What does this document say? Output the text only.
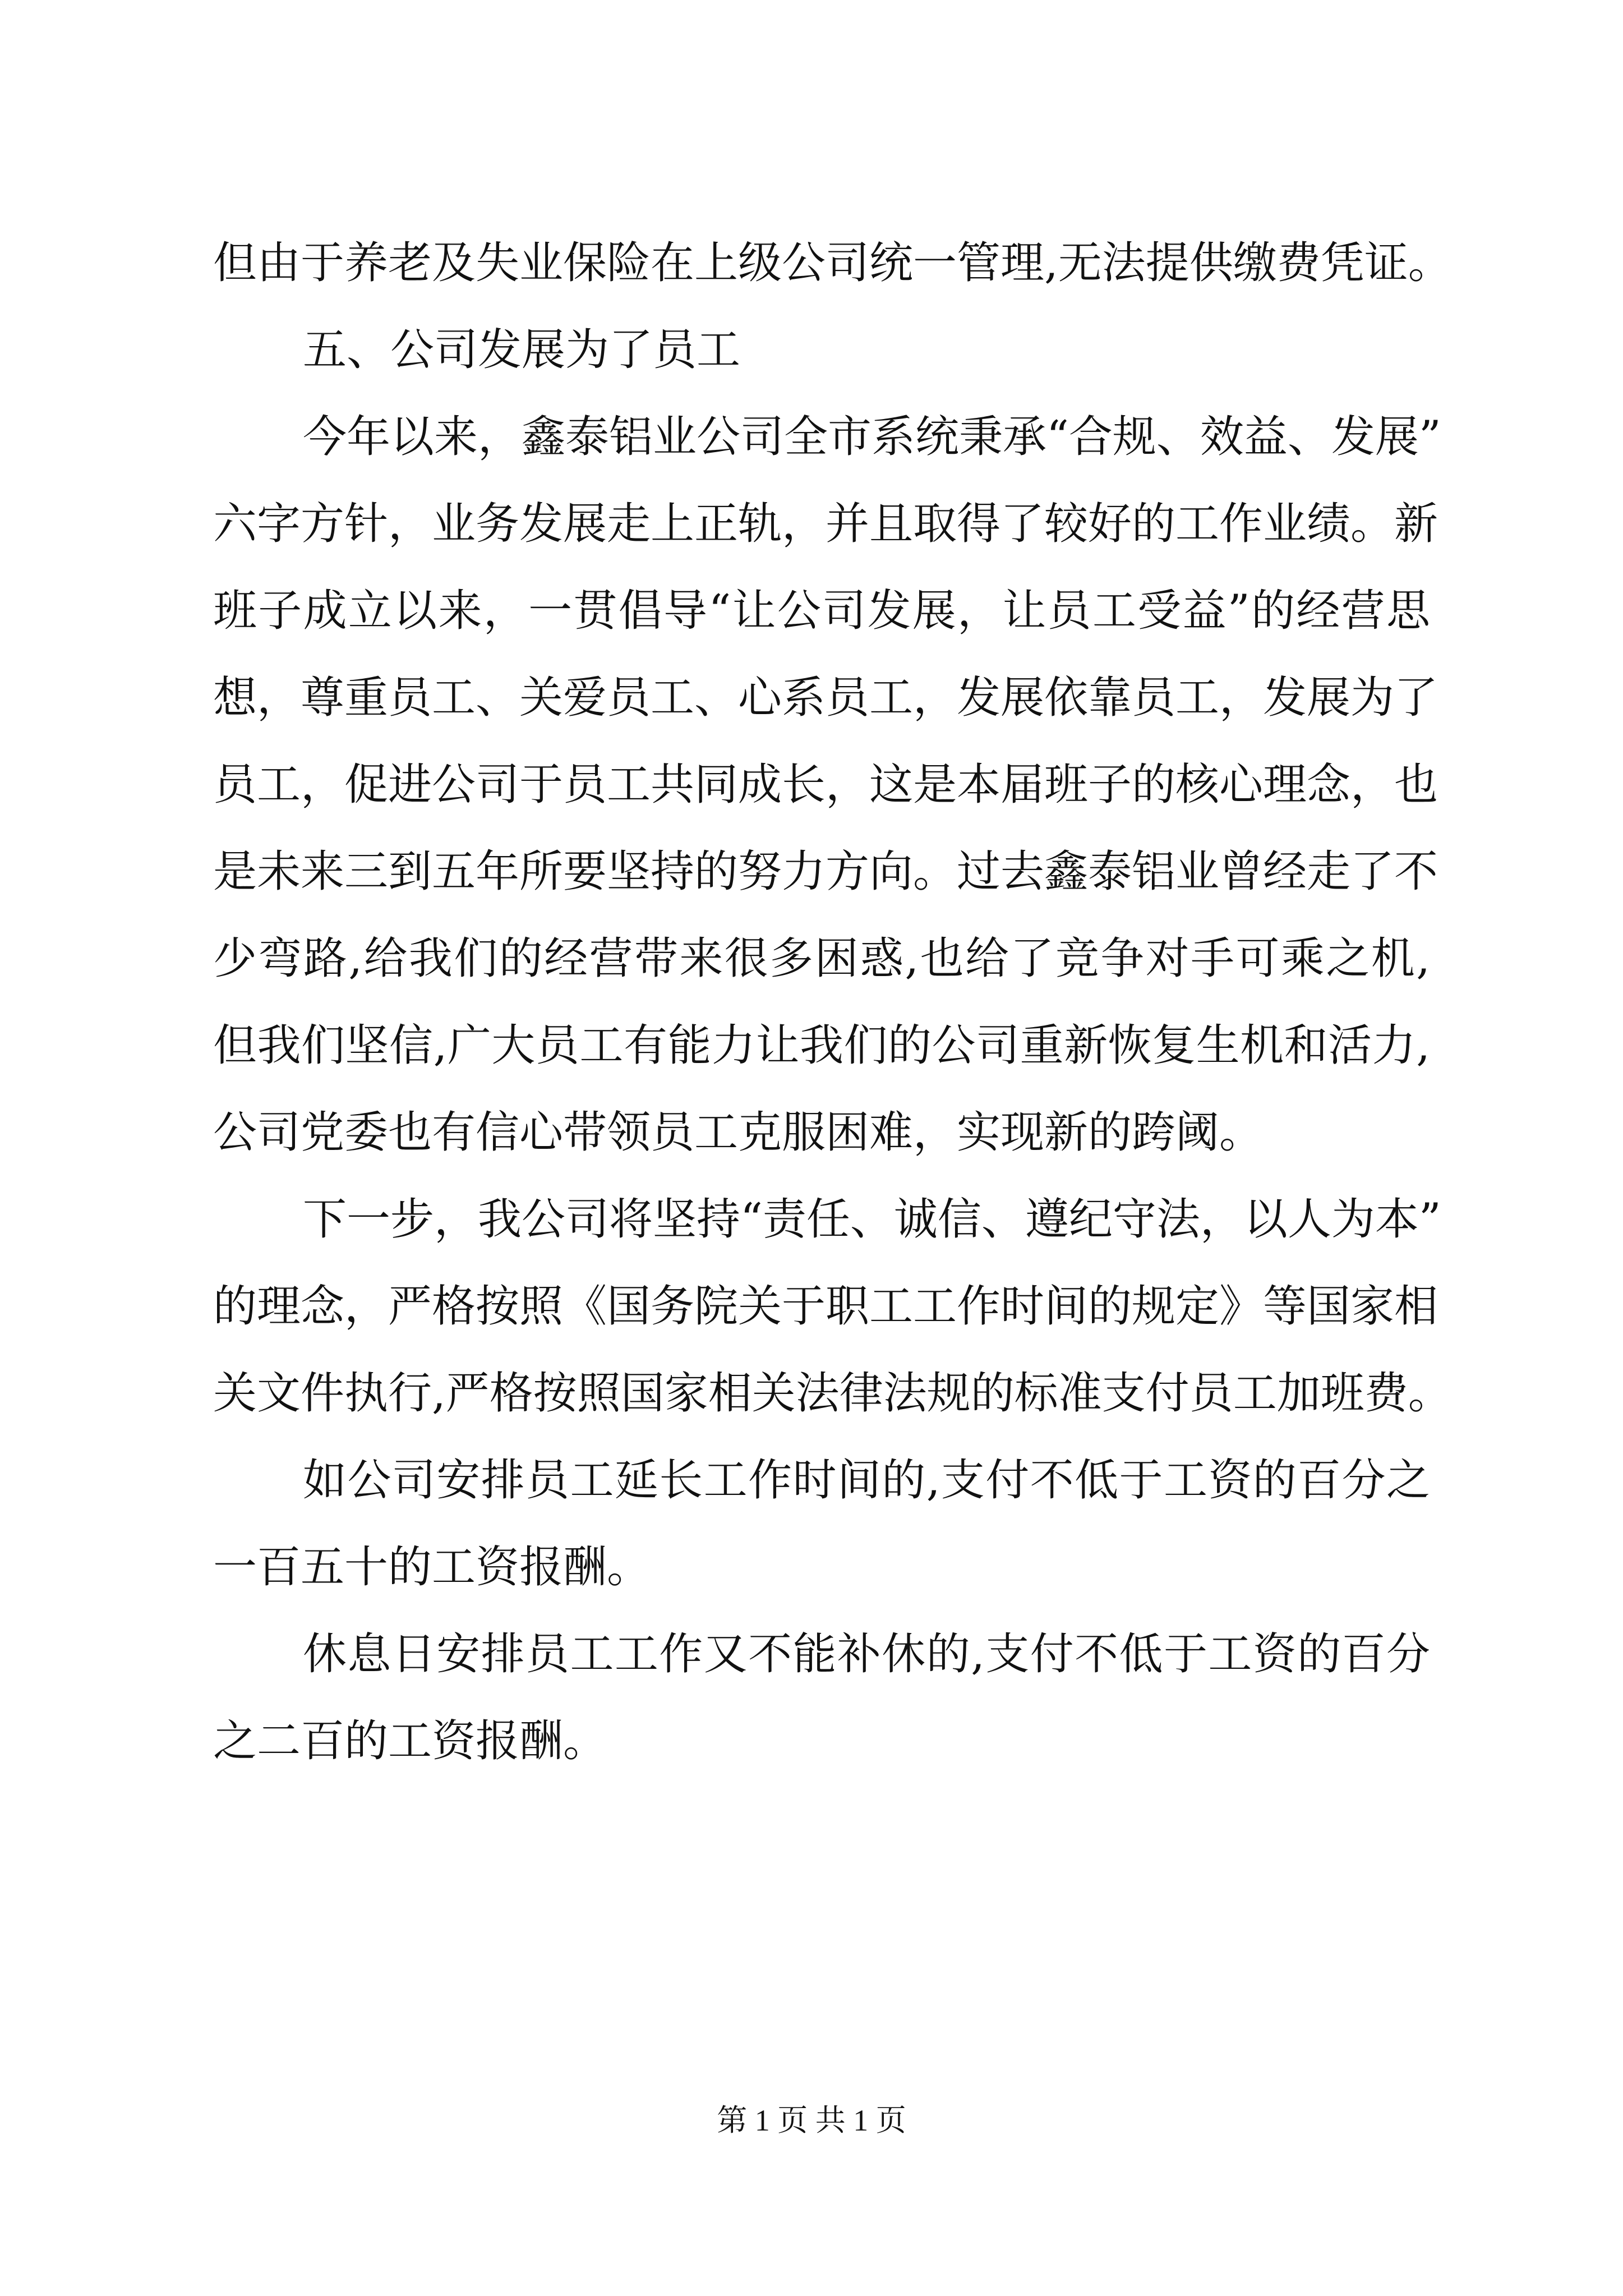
但由于养老及失业保险在上级公司统一管理,无法提供缴费凭证。
五、公司发展为了员工
今年以来，鑫泰铝业公司全市系统秉承“合规、效益、发展”
六字方针，业务发展走上正轨，并且取得了较好的工作业绩。新
班子成立以来，一贯倡导“让公司发展，让员工受益”的经营思
想，尊重员工、关爱员工、心系员工，发展依靠员工，发展为了
员工，促进公司于员工共同成长，这是本届班子的核心理念，也
是未来三到五年所要坚持的努力方向。过去鑫泰铝业曾经走了不
少弯路,给我们的经营带来很多困惑,也给了竞争对手可乘之机,
但我们坚信,广大员工有能力让我们的公司重新恢复生机和活力,
公司党委也有信心带领员工克服困难，实现新的跨阈。
下一步，我公司将坚持“责任、诚信、遵纪守法，以人为本”
的理念，严格按照《国务院关于职工工作时间的规定》等国家相
关文件执行,严格按照国家相关法律法规的标准支付员工加班费。
如公司安排员工延长工作时间的,支付不低于工资的百分之
一百五十的工资报酬。
休息日安排员工工作又不能补休的,支付不低于工资的百分
之二百的工资报酬。
第 1 页 共 1 页
